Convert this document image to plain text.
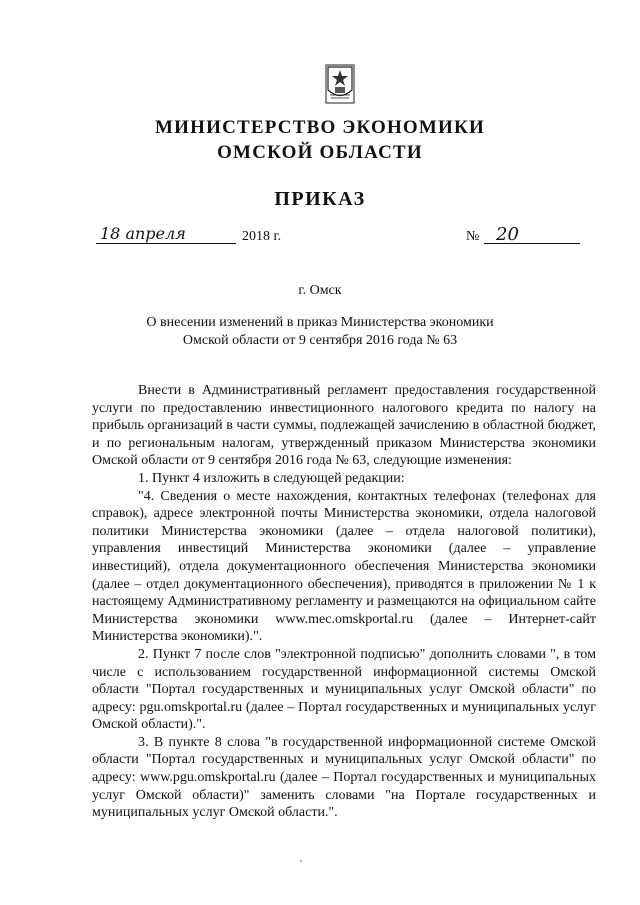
МИНИСТЕРСТВО ЭКОНОМИКИ
ОМСКОЙ ОБЛАСТИ
ПРИКАЗ
18 апреля	2018 г.	№ 20
г. Омск
О внесении изменений в приказ Министерства экономики
Омской области от 9 сентября 2016 года № 63

Внести в Административный регламент предоставления государственной услуги по предоставлению инвестиционного налогового кредита по налогу на прибыль организаций в части суммы, подлежащей зачислению в областной бюджет, и по региональным налогам, утвержденный приказом Министерства экономики Омской области от 9 сентября 2016 года № 63, следующие изменения:

1. Пункт 4 изложить в следующей редакции:

"4. Сведения о месте нахождения, контактных телефонах (телефонах для справок), адресе электронной почты Министерства экономики, отдела налоговой политики Министерства экономики (далее – отдела налоговой политики), управления инвестиций Министерства экономики (далее – управление инвестиций), отдела документационного обеспечения Министерства экономики (далее – отдел документационного обеспечения), приводятся в приложении № 1 к настоящему Административному регламенту и размещаются на официальном сайте Министерства экономики www.mec.omskportal.ru (далее – Интернет-сайт Министерства экономики).".

2. Пункт 7 после слов "электронной подписью" дополнить словами ", в том числе с использованием государственной информационной системы Омской области "Портал государственных и муниципальных услуг Омской области" по адресу: pgu.omskportal.ru (далее – Портал государственных и муниципальных услуг Омской области).".

3. В пункте 8 слова "в государственной информационной системе Омской области "Портал государственных и муниципальных услуг Омской области" по адресу: www.pgu.omskportal.ru (далее – Портал государственных и муниципальных услуг Омской области)" заменить словами "на Портале государственных и муниципальных услуг Омской области.".
